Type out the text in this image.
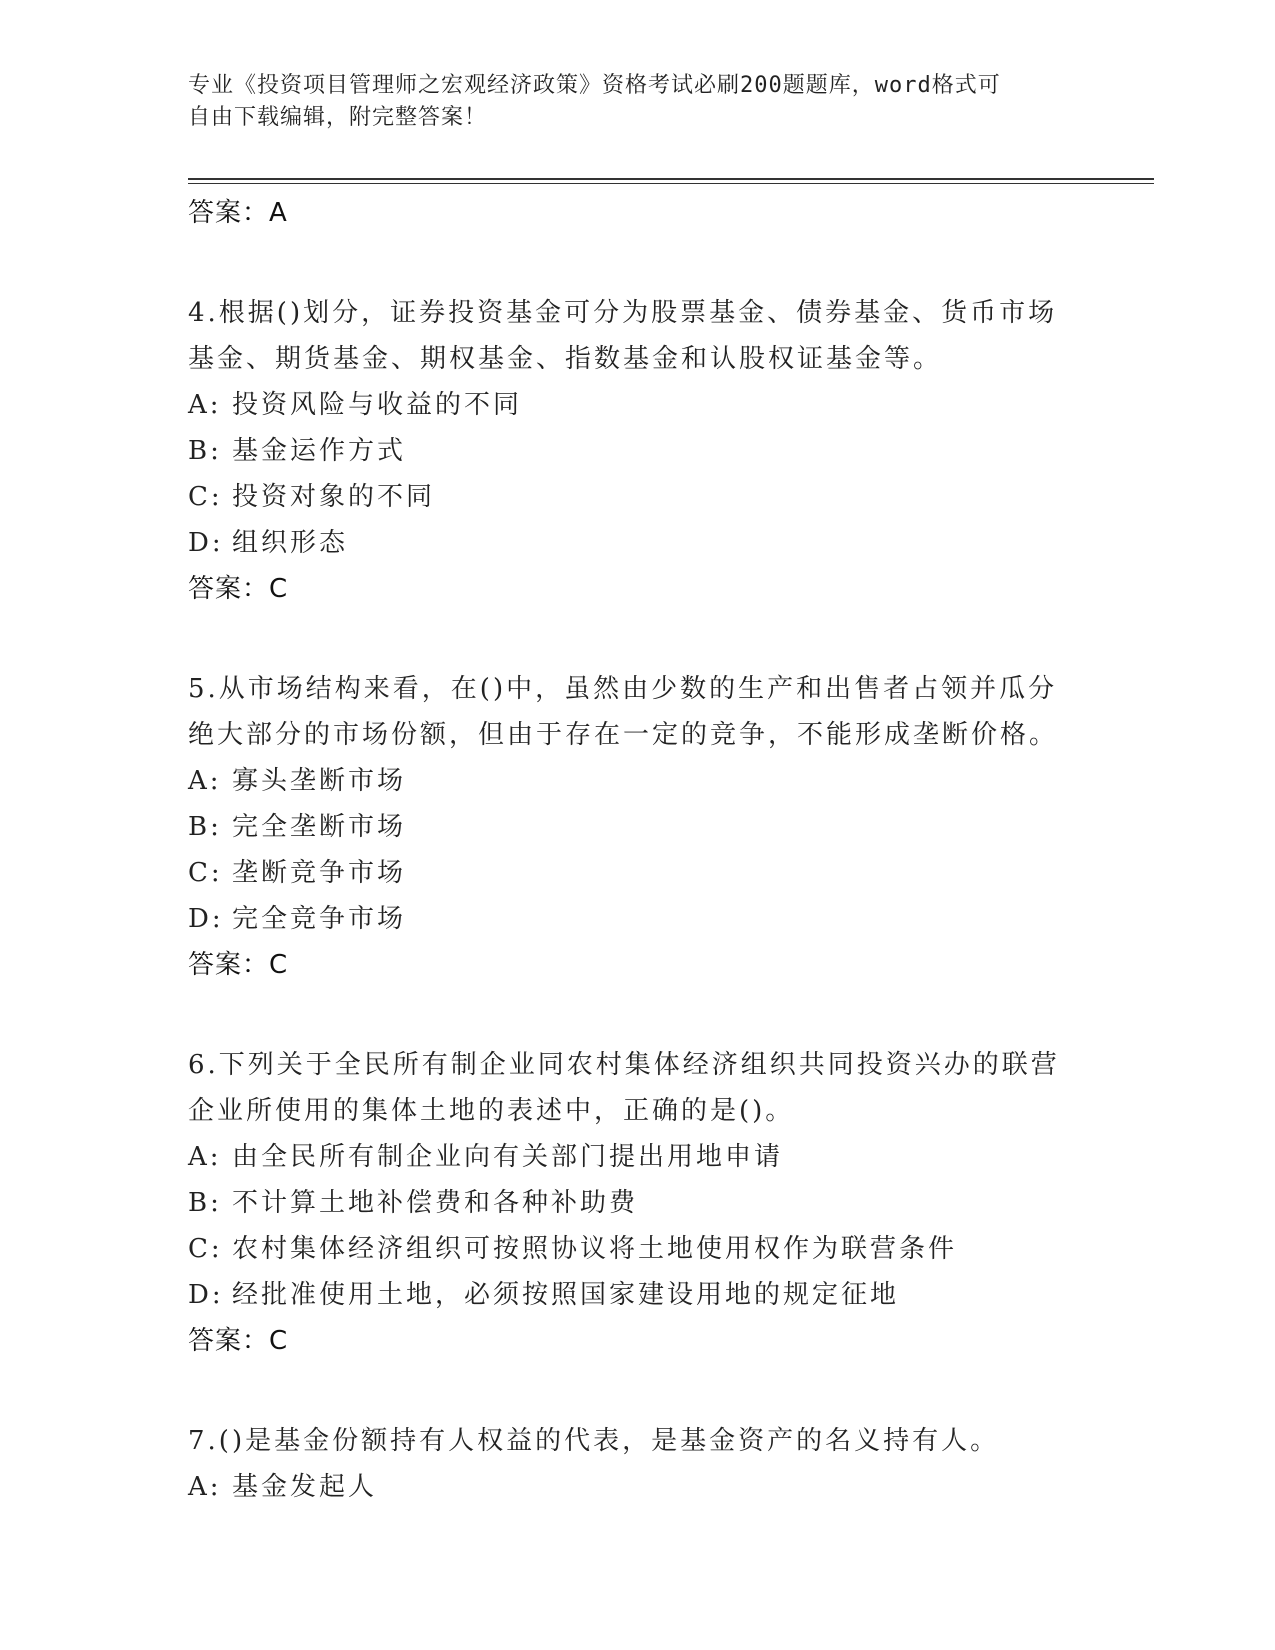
专业《投资项目管理师之宏观经济政策》资格考试必刷200题题库，word格式可
自由下载编辑，附完整答案！
答案：A
4.根据()划分，证券投资基金可分为股票基金、债券基金、货币市场
基金、期货基金、期权基金、指数基金和认股权证基金等。
A: 投资风险与收益的不同
B: 基金运作方式
C: 投资对象的不同
D: 组织形态
答案：C
5.从市场结构来看，在()中，虽然由少数的生产和出售者占领并瓜分
绝大部分的市场份额，但由于存在一定的竞争，不能形成垄断价格。
A: 寡头垄断市场
B: 完全垄断市场
C: 垄断竞争市场
D: 完全竞争市场
答案：C
6.下列关于全民所有制企业同农村集体经济组织共同投资兴办的联营
企业所使用的集体土地的表述中，正确的是()。
A: 由全民所有制企业向有关部门提出用地申请
B: 不计算土地补偿费和各种补助费
C: 农村集体经济组织可按照协议将土地使用权作为联营条件
D: 经批准使用土地，必须按照国家建设用地的规定征地
答案：C
7.()是基金份额持有人权益的代表，是基金资产的名义持有人。
A: 基金发起人
